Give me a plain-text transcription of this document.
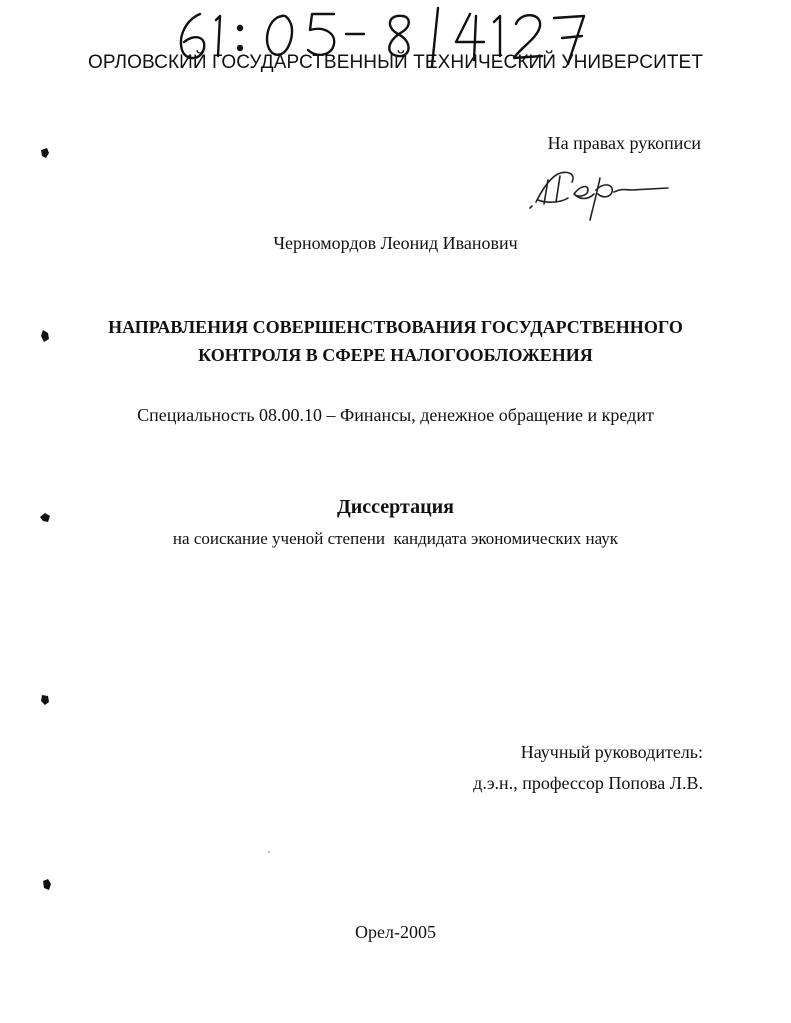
ОРЛОВСКИЙ ГОСУДАРСТВЕННЫЙ ТЕХНИЧЕСКИЙ УНИВЕРСИТЕТ
На правах рукописи
Черномордов Леонид Иванович
НАПРАВЛЕНИЯ СОВЕРШЕНСТВОВАНИЯ ГОСУДАРСТВЕННОГО
КОНТРОЛЯ В СФЕРЕ НАЛОГООБЛОЖЕНИЯ
Специальность 08.00.10 – Финансы, денежное обращение и кредит
Диссертация
на соискание ученой степени  кандидата экономических наук
Научный руководитель:
д.э.н., профессор Попова Л.В.
Орел-2005
